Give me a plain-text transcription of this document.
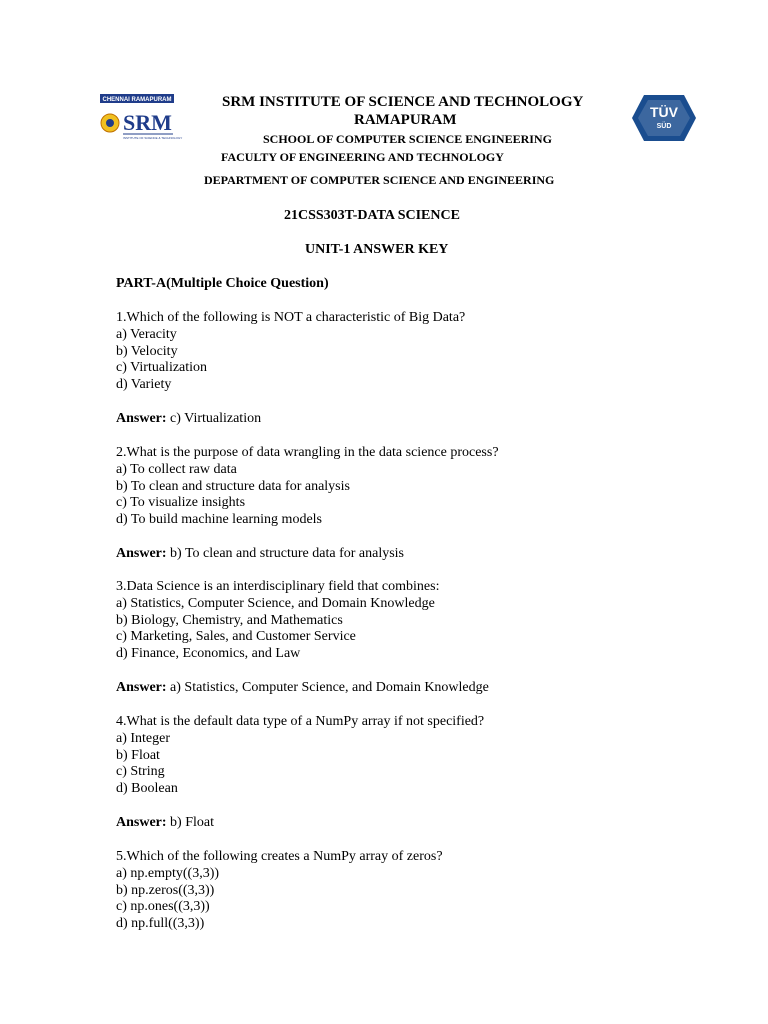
CHENNAI RAMAPURAM
SRM
INSTITUTE OF SCIENCE & TECHNOLOGY
TÜV
SÜD
SRM INSTITUTE OF SCIENCE AND TECHNOLOGY
RAMAPURAM
SCHOOL OF COMPUTER SCIENCE ENGINEERING
FACULTY OF ENGINEERING AND TECHNOLOGY
DEPARTMENT OF COMPUTER SCIENCE AND ENGINEERING
21CSS303T-DATA SCIENCE
UNIT-1 ANSWER KEY
PART-A(Multiple Choice Question)
1.Which of the following is NOT a characteristic of Big Data?
a) Veracity
b) Velocity
c) Virtualization
d) Variety
Answer: c) Virtualization
2.What is the purpose of data wrangling in the data science process?
a) To collect raw data
b) To clean and structure data for analysis
c) To visualize insights
d) To build machine learning models
Answer: b) To clean and structure data for analysis
3.Data Science is an interdisciplinary field that combines:
a) Statistics, Computer Science, and Domain Knowledge
b) Biology, Chemistry, and Mathematics
c) Marketing, Sales, and Customer Service
d) Finance, Economics, and Law
Answer: a) Statistics, Computer Science, and Domain Knowledge
4.What is the default data type of a NumPy array if not specified?
a) Integer
b) Float
c) String
d) Boolean
Answer: b) Float
5.Which of the following creates a NumPy array of zeros?
a) np.empty((3,3))
b) np.zeros((3,3))
c) np.ones((3,3))
d) np.full((3,3))
